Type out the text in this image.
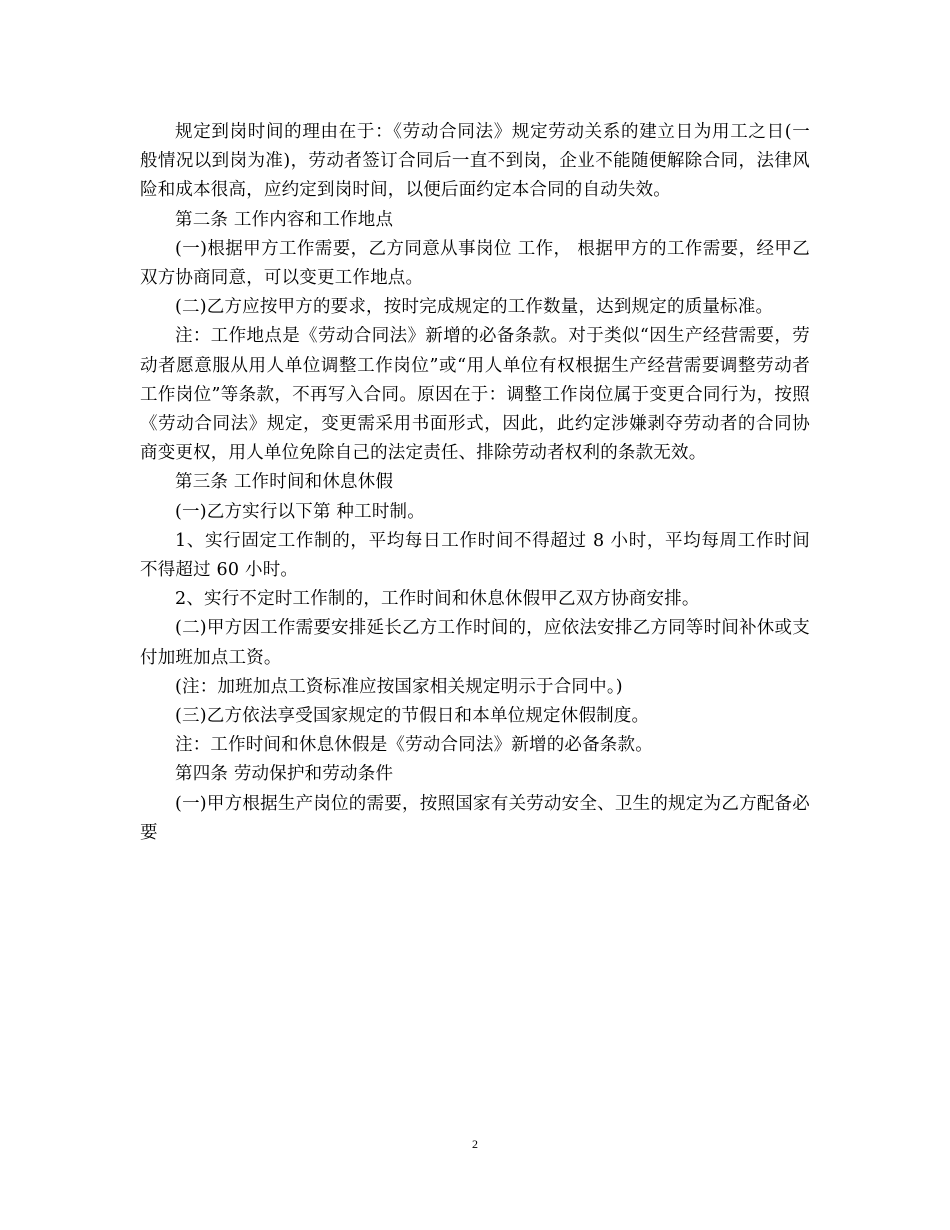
规定到岗时间的理由在于：《劳动合同法》规定劳动关系的建立日为用工之日(一般情况以到岗为准)，劳动者签订合同后一直不到岗，企业不能随便解除合同，法律风险和成本很高，应约定到岗时间，以便后面约定本合同的自动失效。

第二条 工作内容和工作地点

(一)根据甲方工作需要，乙方同意从事岗位 工作， 根据甲方的工作需要，经甲乙双方协商同意，可以变更工作地点。

(二)乙方应按甲方的要求，按时完成规定的工作数量，达到规定的质量标准。

注：工作地点是《劳动合同法》新增的必备条款。对于类似“因生产经营需要，劳动者愿意服从用人单位调整工作岗位”或“用人单位有权根据生产经营需要调整劳动者工作岗位”等条款，不再写入合同。原因在于：调整工作岗位属于变更合同行为，按照《劳动合同法》规定，变更需采用书面形式，因此，此约定涉嫌剥夺劳动者的合同协商变更权，用人单位免除自己的法定责任、排除劳动者权利的条款无效。

第三条 工作时间和休息休假

(一)乙方实行以下第 种工时制。

1、实行固定工作制的，平均每日工作时间不得超过 8 小时，平均每周工作时间不得超过 60 小时。

2、实行不定时工作制的，工作时间和休息休假甲乙双方协商安排。

(二)甲方因工作需要安排延长乙方工作时间的，应依法安排乙方同等时间补休或支付加班加点工资。

(注：加班加点工资标准应按国家相关规定明示于合同中。)

(三)乙方依法享受国家规定的节假日和本单位规定休假制度。

注：工作时间和休息休假是《劳动合同法》新增的必备条款。

第四条 劳动保护和劳动条件

(一)甲方根据生产岗位的需要，按照国家有关劳动安全、卫生的规定为乙方配备必要

2
